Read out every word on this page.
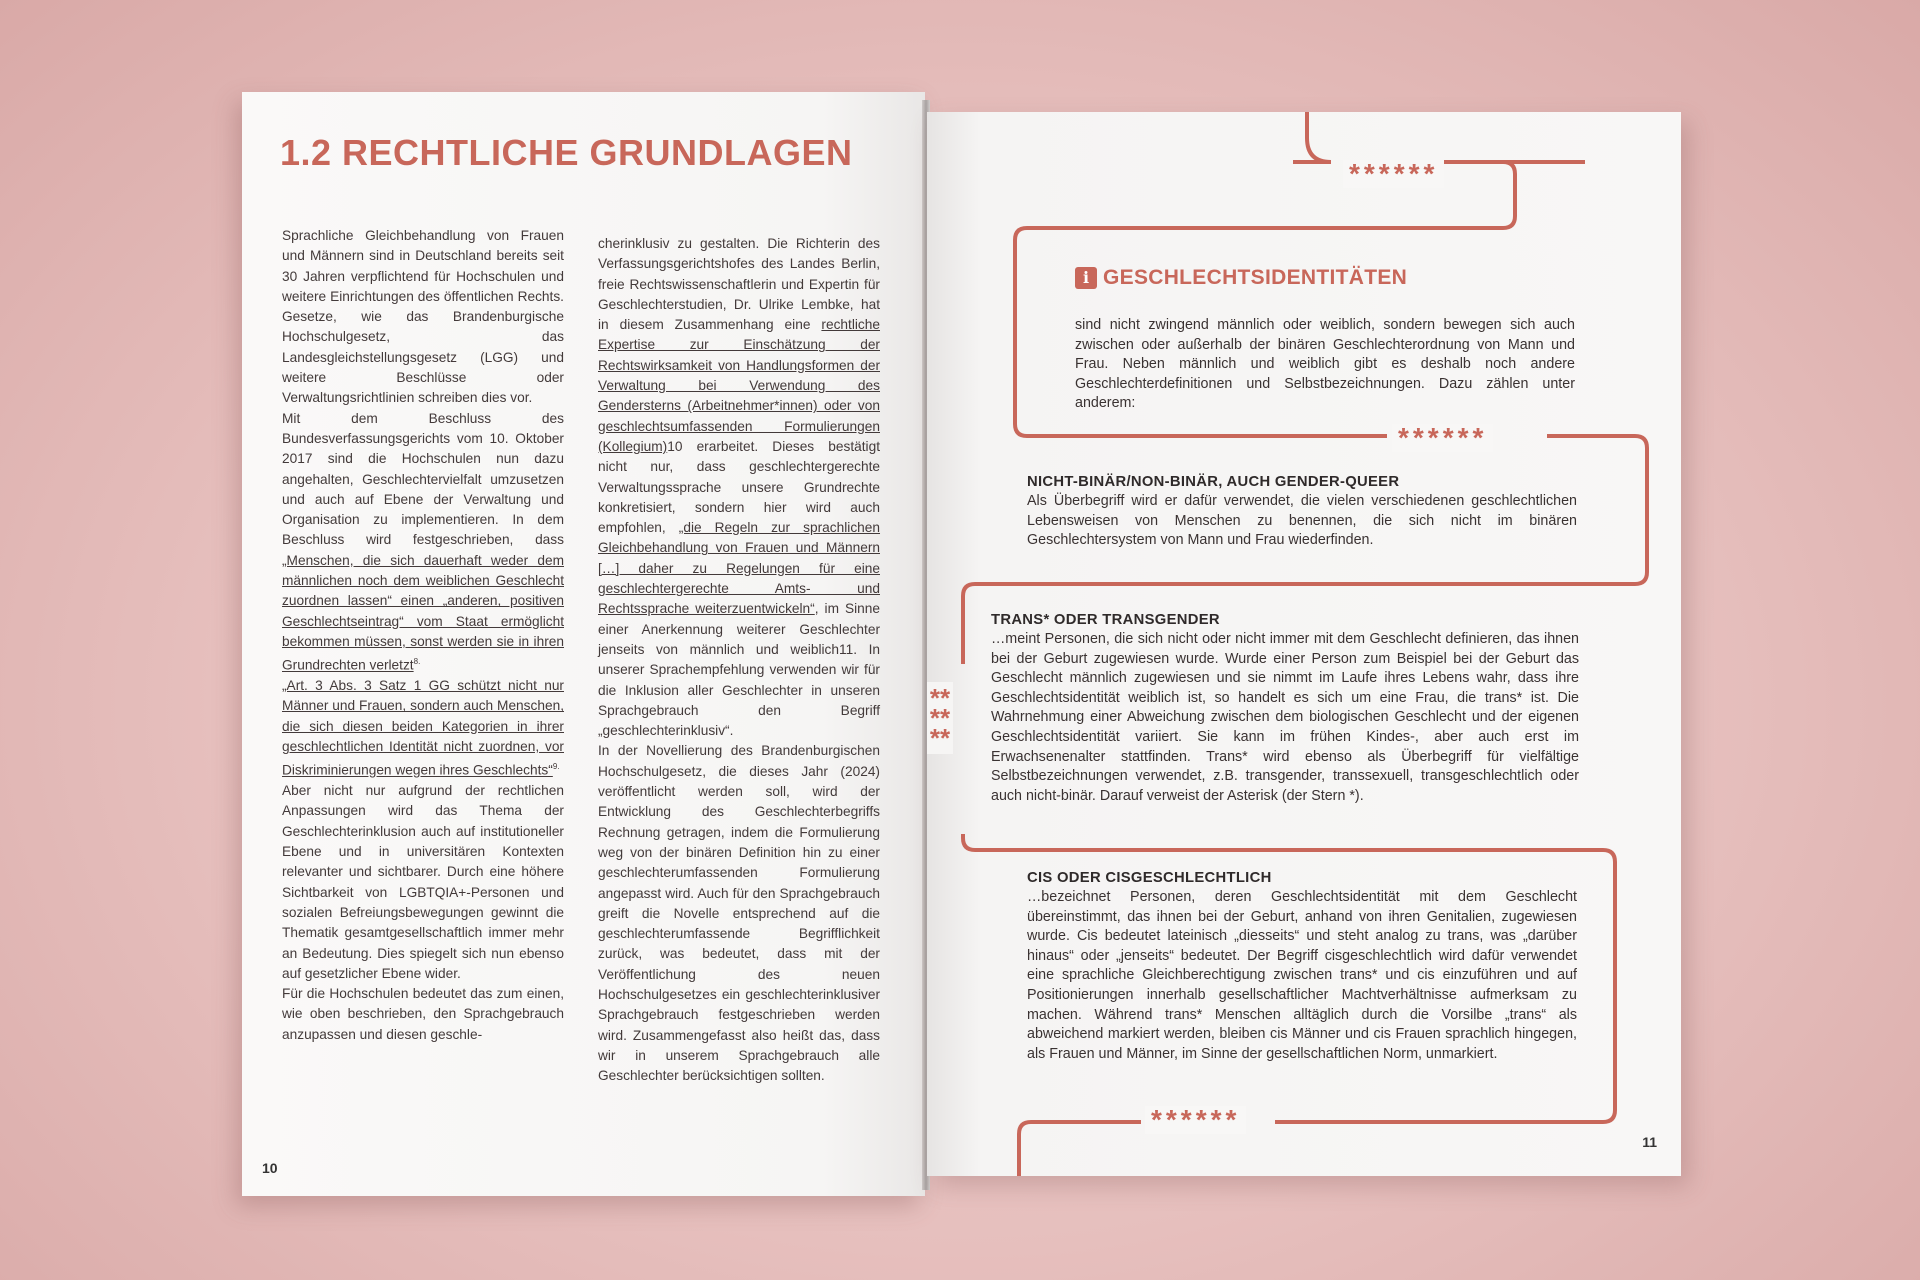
1.2 RECHTLICHE GRUNDLAGEN

Sprachliche Gleichbehandlung von Frauen und Männern sind in Deutschland bereits seit 30 Jahren verpflichtend für Hochschulen und weitere Einrichtungen des öffentlichen Rechts. Gesetze, wie das Brandenburgische Hochschulgesetz, das Landesgleichstellungsgesetz (LGG) und weitere Beschlüsse oder Verwaltungsrichtlinien schreiben dies vor.

Mit dem Beschluss des Bundesverfassungsgerichts vom 10. Oktober 2017 sind die Hochschulen nun dazu angehalten, Geschlechtervielfalt umzusetzen und auch auf Ebene der Verwaltung und Organisation zu implementieren. In dem Beschluss wird festgeschrieben, dass „Menschen, die sich dauerhaft weder dem männlichen noch dem weiblichen Geschlecht zuordnen lassen“ einen „anderen, positiven Geschlechtseintrag“ vom Staat ermöglicht bekommen müssen, sonst werden sie in ihren Grundrechten verletzt$^{8.}$

„Art. 3 Abs. 3 Satz 1 GG schützt nicht nur Männer und Frauen, sondern auch Menschen, die sich diesen beiden Kategorien in ihrer geschlechtlichen Identität nicht zuordnen, vor Diskriminierungen wegen ihres Geschlechts“$^{9.}$

Aber nicht nur aufgrund der rechtlichen Anpassungen wird das Thema der Geschlechterinklusion auch auf institutioneller Ebene und in universitären Kontexten relevanter und sichtbarer. Durch eine höhere Sichtbarkeit von LGBTQIA+-Personen und sozialen Befreiungsbewegungen gewinnt die Thematik gesamtgesellschaftlich immer mehr an Bedeutung. Dies spiegelt sich nun ebenso auf gesetzlicher Ebene wider.

Für die Hochschulen bedeutet das zum einen, wie oben beschrieben, den Sprachgebrauch anzupassen und diesen geschle-

cherinklusiv zu gestalten. Die Richterin des Verfassungsgerichtshofes des Landes Berlin, freie Rechtswissenschaftlerin und Expertin für Geschlechterstudien, Dr. Ulrike Lembke, hat in diesem Zusammenhang eine rechtliche Expertise zur Einschätzung der Rechtswirksamkeit von Handlungsformen der Verwaltung bei Verwendung des Gendersterns (Arbeitnehmer*innen) oder von geschlechtsumfassenden Formulierungen (Kollegium)10 erarbeitet. Dieses bestätigt nicht nur, dass geschlechtergerechte Verwaltungssprache unsere Grundrechte konkretisiert, sondern hier wird auch empfohlen, „die Regeln zur sprachlichen Gleichbehandlung von Frauen und Männern […] daher zu Regelungen für eine geschlechtergerechte Amts- und Rechtssprache weiterzuentwickeln“, im Sinne einer Anerkennung weiterer Geschlechter jenseits von männlich und weiblich11. In unserer Sprachempfehlung verwenden wir für die Inklusion aller Geschlechter in unseren Sprachgebrauch den Begriff „geschlechterinklusiv“.

In der Novellierung des Brandenburgischen Hochschulgesetz, die dieses Jahr (2024) veröffentlicht werden soll, wird der Entwicklung des Geschlechterbegriffs Rechnung getragen, indem die Formulierung weg von der binären Definition hin zu einer geschlechterumfassenden Formulierung angepasst wird. Auch für den Sprachgebrauch greift die Novelle entsprechend auf die geschlechterumfassende Begrifflichkeit zurück, was bedeutet, dass mit der Veröffentlichung des neuen Hochschulgesetzes ein geschlechterinklusiver Sprachgebrauch festgeschrieben werden wird. Zusammengefasst also heißt das, dass wir in unserem Sprachgebrauch alle Geschlechter berücksichtigen sollten.

10
******
******
******
******
i GESCHLECHTSIDENTITÄTEN

sind nicht zwingend männlich oder weiblich, sondern bewegen sich auch zwischen oder außerhalb der binären Geschlechterordnung von Mann und Frau. Neben männlich und weiblich gibt es deshalb noch andere Geschlechterdefinitionen und Selbstbezeichnungen. Dazu zählen unter anderem:

NICHT-BINÄR/NON-BINÄR, AUCH GENDER-QUEER

Als Überbegriff wird er dafür verwendet, die vielen verschiedenen geschlechtlichen Lebensweisen von Menschen zu benennen, die sich nicht im binären Geschlechtersystem von Mann und Frau wiederfinden.

TRANS* ODER TRANSGENDER

…meint Personen, die sich nicht oder nicht immer mit dem Geschlecht definieren, das ihnen bei der Geburt zugewiesen wurde. Wurde einer Person zum Beispiel bei der Geburt das Geschlecht männlich zugewiesen und sie nimmt im Laufe ihres Lebens wahr, dass ihre Geschlechtsidentität weiblich ist, so handelt es sich um eine Frau, die trans* ist. Die Wahrnehmung einer Abweichung zwischen dem biologischen Geschlecht und der eigenen Geschlechtsidentität variiert. Sie kann im frühen Kindes-, aber auch erst im Erwachsenenalter stattfinden. Trans* wird ebenso als Überbegriff für vielfältige Selbstbezeichnungen verwendet, z.B. transgender, transsexuell, transgeschlechtlich oder auch nicht-binär. Darauf verweist der Asterisk (der Stern *).

CIS ODER CISGESCHLECHTLICH

…bezeichnet Personen, deren Geschlechtsidentität mit dem Geschlecht übereinstimmt, das ihnen bei der Geburt, anhand von ihren Genitalien, zugewiesen wurde. Cis bedeutet lateinisch „diesseits“ und steht analog zu trans, was „darüber hinaus“ oder „jenseits“ bedeutet. Der Begriff cisgeschlechtlich wird dafür verwendet eine sprachliche Gleichberechtigung zwischen trans* und cis einzuführen und auf Positionierungen innerhalb gesellschaftlicher Machtverhältnisse aufmerksam zu machen. Während trans* Menschen alltäglich durch die Vorsilbe „trans“ als abweichend markiert werden, bleiben cis Männer und cis Frauen sprachlich hingegen, als Frauen und Männer, im Sinne der gesellschaftlichen Norm, unmarkiert.

11
